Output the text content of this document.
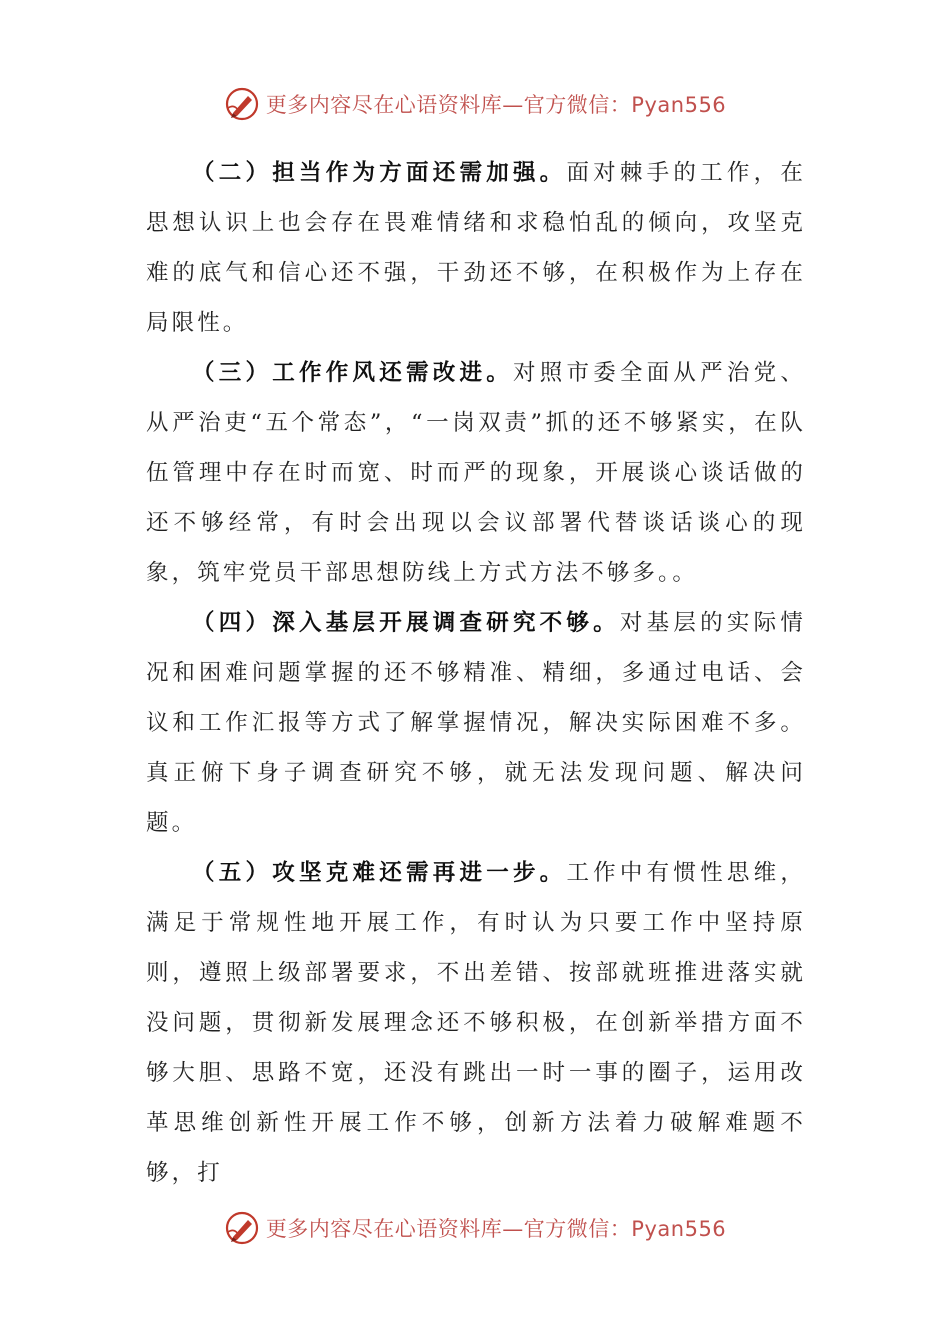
更多内容尽在心语资料库—官方微信：Pyan556

（二）担当作为方面还需加强。面对棘手的工作，在思想认识上也会存在畏难情绪和求稳怕乱的倾向，攻坚克难的底气和信心还不强，干劲还不够，在积极作为上存在局限性。

（三）工作作风还需改进。对照市委全面从严治党、从严治吏“五个常态”，“一岗双责”抓的还不够紧实，在队伍管理中存在时而宽、时而严的现象，开展谈心谈话做的还不够经常，有时会出现以会议部署代替谈话谈心的现象，筑牢党员干部思想防线上方式方法不够多。。

（四）深入基层开展调查研究不够。对基层的实际情况和困难问题掌握的还不够精准、精细，多通过电话、会议和工作汇报等方式了解掌握情况，解决实际困难不多。真正俯下身子调查研究不够，就无法发现问题、解决问题。

（五）攻坚克难还需再进一步。工作中有惯性思维，满足于常规性地开展工作，有时认为只要工作中坚持原则，遵照上级部署要求，不出差错、按部就班推进落实就没问题，贯彻新发展理念还不够积极，在创新举措方面不够大胆、思路不宽，还没有跳出一时一事的圈子，运用改革思维创新性开展工作不够，创新方法着力破解难题不够，打

更多内容尽在心语资料库—官方微信：Pyan556
